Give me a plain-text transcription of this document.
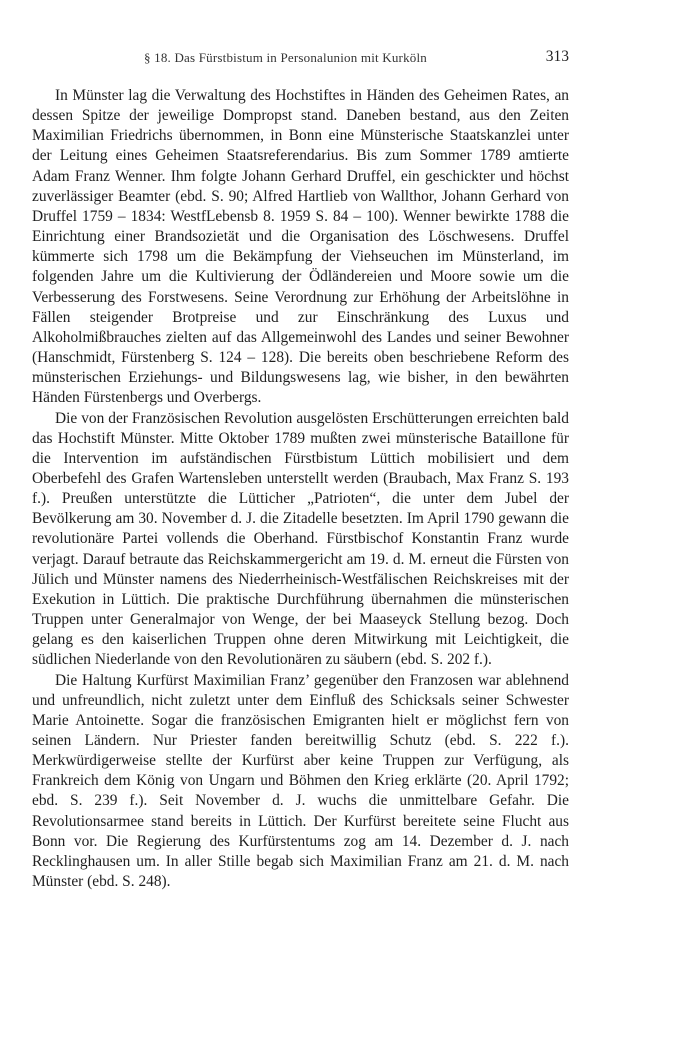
§ 18. Das Fürstbistum in Personalunion mit Kurköln	313

In Münster lag die Verwaltung des Hochstiftes in Händen des Geheimen Rates, an dessen Spitze der jeweilige Dompropst stand. Daneben bestand, aus den Zeiten Maximilian Friedrichs übernommen, in Bonn eine Münsterische Staatskanzlei unter der Leitung eines Geheimen Staatsreferendarius. Bis zum Sommer 1789 amtierte Adam Franz Wenner. Ihm folgte Johann Gerhard Druffel, ein geschickter und höchst zuverlässiger Beamter (ebd. S. 90; Alfred Hartlieb von Wallthor, Johann Gerhard von Druffel 1759 – 1834: WestfLebensb 8. 1959 S. 84 – 100). Wenner bewirkte 1788 die Einrichtung einer Brandsozietät und die Organisation des Löschwesens. Druffel kümmerte sich 1798 um die Bekämpfung der Viehseuchen im Münsterland, im folgenden Jahre um die Kultivierung der Ödländereien und Moore sowie um die Verbesserung des Forstwesens. Seine Verordnung zur Erhöhung der Arbeitslöhne in Fällen steigender Brotpreise und zur Einschränkung des Luxus und Alkoholmißbrauches zielten auf das Allgemeinwohl des Landes und seiner Bewohner (Hanschmidt, Fürstenberg S. 124 – 128). Die bereits oben beschriebene Reform des münsterischen Erziehungs- und Bildungswesens lag, wie bisher, in den bewährten Händen Fürstenbergs und Overbergs.

Die von der Französischen Revolution ausgelösten Erschütterungen erreichten bald das Hochstift Münster. Mitte Oktober 1789 mußten zwei münsterische Bataillone für die Intervention im aufständischen Fürstbistum Lüttich mobilisiert und dem Oberbefehl des Grafen Wartensleben unterstellt werden (Braubach, Max Franz S. 193 f.). Preußen unterstützte die Lütticher „Patrioten“, die unter dem Jubel der Bevölkerung am 30. November d. J. die Zitadelle besetzten. Im April 1790 gewann die revolutionäre Partei vollends die Oberhand. Fürstbischof Konstantin Franz wurde verjagt. Darauf betraute das Reichskammergericht am 19. d. M. erneut die Fürsten von Jülich und Münster namens des Niederrheinisch-Westfälischen Reichskreises mit der Exekution in Lüttich. Die praktische Durchführung übernahmen die münsterischen Truppen unter Generalmajor von Wenge, der bei Maaseyck Stellung bezog. Doch gelang es den kaiserlichen Truppen ohne deren Mitwirkung mit Leichtigkeit, die südlichen Niederlande von den Revolutionären zu säubern (ebd. S. 202 f.).

Die Haltung Kurfürst Maximilian Franz’ gegenüber den Franzosen war ablehnend und unfreundlich, nicht zuletzt unter dem Einfluß des Schicksals seiner Schwester Marie Antoinette. Sogar die französischen Emigranten hielt er möglichst fern von seinen Ländern. Nur Priester fanden bereitwillig Schutz (ebd. S. 222 f.). Merkwürdigerweise stellte der Kurfürst aber keine Truppen zur Verfügung, als Frankreich dem König von Ungarn und Böhmen den Krieg erklärte (20. April 1792; ebd. S. 239 f.). Seit November d. J. wuchs die unmittelbare Gefahr. Die Revolutionsarmee stand bereits in Lüttich. Der Kurfürst bereitete seine Flucht aus Bonn vor. Die Regierung des Kurfürstentums zog am 14. Dezember d. J. nach Recklinghausen um. In aller Stille begab sich Maximilian Franz am 21. d. M. nach Münster (ebd. S. 248).
